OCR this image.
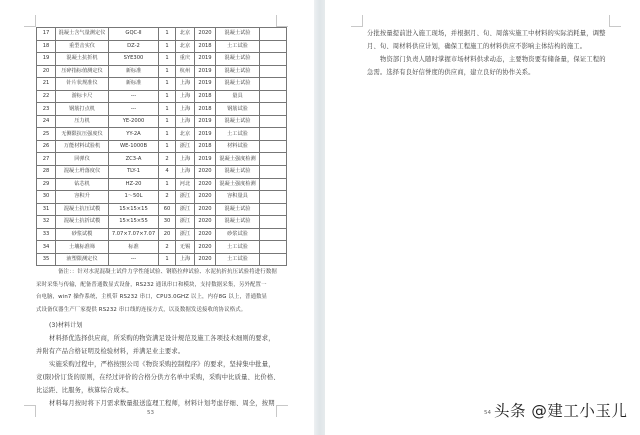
17	混凝土含气量测定仪	GQC-Ⅱ	1	北京	2020	混凝土试验	
18	重型击实仪	DZ-2	1	北京	2018	土工试验	
19	混凝土抗折机	SYE300	1	重庆	2019	混凝土试验	
20	压碎指标值测定仪	新标准	1	杭州	2019	混凝土试验	
21	针片状规准仪	新标准	1	上海	2019	混凝土试验	
22	游标卡尺	---	1	上海	2018	量具	
23	钢筋打点机	---	1	上海	2018	钢筋试验	
24	压力机	YE-2000	1	上海	2019	混凝土试验	
25	无侧限抗压强度仪	YY-2A	1	北京	2019	土工试验	
26	万能材料试验机	WE-1000B	1	浙江	2018	材料试验	
27	回弹仪	ZC3-A	2	上海	2019	混凝土强度检测	
28	混凝土坍落度仪	TLY-1	4	上海	2020	混凝土试验	
29	钻芯机	HZ-20	1	河北	2020	混凝土强度检测	
30	容积升	1～50L	2	浙江	2020	容积量具	
31	混凝土抗压试模	15×15×15	60	浙江	2020	混凝土试验	
32	混凝土抗折试模	15×15×55	30	浙江	2020	混凝土试验	
33	砂浆试模	7.07×7.07×7.07	20	浙江	2020	砂浆试验	
34	土壤标准筛	标准	2	无锡	2020	土工试验	
35	液塑限测定仪	---	1	上海	2020	土工试验	
备注：：针对水泥混凝土试件力学性能试验、钢筋拉伸试验、水泥抗折抗压试验将进行数据
采时采集与传输，配备普通数显式设备，RS232 通讯串口和模块，支持数据采集，另外配置一
台电脑，win7 操作系统，主机带 RS232 串口，CPU3.0GHZ 以上，内存8G 以上，普通数显
式设备仪器生产厂家提供 RS232 串口线的连接方式，以及数据发送接收的协议格式。
(3)材料计划
材料择优选择供应商，所采购的物资满足设计规范及施工各项技术细则的要求，
并附有产品合格证明及检验材料，并满足业主要求。
实施采购过程中，严格按照公司《物资采购控制程序》的要求，坚持集中批量，
竞(限)价订货的原则，在经过评价的合格分供方名单中采购，采购中比质量、比价格、
比运距、比服务，核算综合成本。
材料每月按时将下月需求数量报送监理工程师，材料计划考虑仔细、周全，按期
53
分批按量提前进入施工现场，并根据月、旬、周落实施工中材料的实际消耗量，调整
月、旬、周材料供应计划，确保工程施工的材料供应不影响主体结构的施工。
物资部门负责人随时掌握市场材料供求动态，主要物资要有储备量，保证工程的
急需。选择有良好信誉度的供应商，建立良好的协作关系。
54 头条 @建工小玉儿
